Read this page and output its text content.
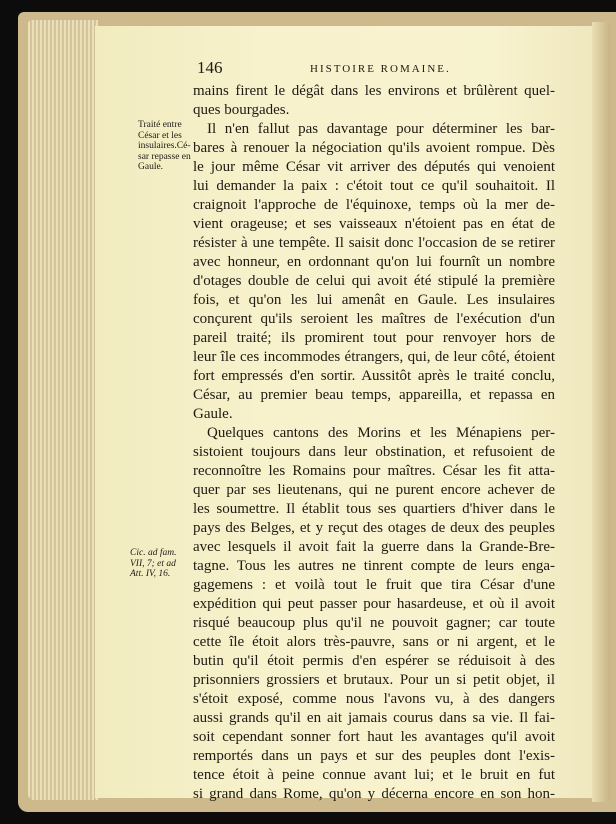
146	HISTOIRE ROMAINE.
Traité entre
César et les
insulaires.Cé-
sar repasse en
Gaule.
Cic. ad fam.
VII, 7; et ad
Att. IV, 16.
mains firent le dégât dans les environs et brûlèrent quel-
ques bourgades.
Il n'en fallut pas davantage pour déterminer les bar-
bares à renouer la négociation qu'ils avoient rompue. Dès
le jour même César vit arriver des députés qui venoient
lui demander la paix : c'étoit tout ce qu'il souhaitoit. Il
craignoit l'approche de l'équinoxe, temps où la mer de-
vient orageuse; et ses vaisseaux n'étoient pas en état de
résister à une tempête. Il saisit donc l'occasion de se retirer
avec honneur, en ordonnant qu'on lui fournît un nombre
d'otages double de celui qui avoit été stipulé la première
fois, et qu'on les lui amenât en Gaule. Les insulaires
conçurent qu'ils seroient les maîtres de l'exécution d'un
pareil traité; ils promirent tout pour renvoyer hors de
leur île ces incommodes étrangers, qui, de leur côté, étoient
fort empressés d'en sortir. Aussitôt après le traité conclu,
César, au premier beau temps, appareilla, et repassa en
Gaule.
Quelques cantons des Morins et les Ménapiens per-
sistoient toujours dans leur obstination, et refusoient de
reconnoître les Romains pour maîtres. César les fit atta-
quer par ses lieutenans, qui ne purent encore achever de
les soumettre. Il établit tous ses quartiers d'hiver dans le
pays des Belges, et y reçut des otages de deux des peuples
avec lesquels il avoit fait la guerre dans la Grande-Bre-
tagne. Tous les autres ne tinrent compte de leurs enga-
gagemens : et voilà tout le fruit que tira César d'une
expédition qui peut passer pour hasardeuse, et où il avoit
risqué beaucoup plus qu'il ne pouvoit gagner; car toute
cette île étoit alors très-pauvre, sans or ni argent, et le
butin qu'il étoit permis d'en espérer se réduisoit à des
prisonniers grossiers et brutaux. Pour un si petit objet, il
s'étoit exposé, comme nous l'avons vu, à des dangers
aussi grands qu'il en ait jamais courus dans sa vie. Il fai-
soit cependant sonner fort haut les avantages qu'il avoit
remportés dans un pays et sur des peuples dont l'exis-
tence étoit à peine connue avant lui; et le bruit en fut
si grand dans Rome, qu'on y décerna encore en son hon-
